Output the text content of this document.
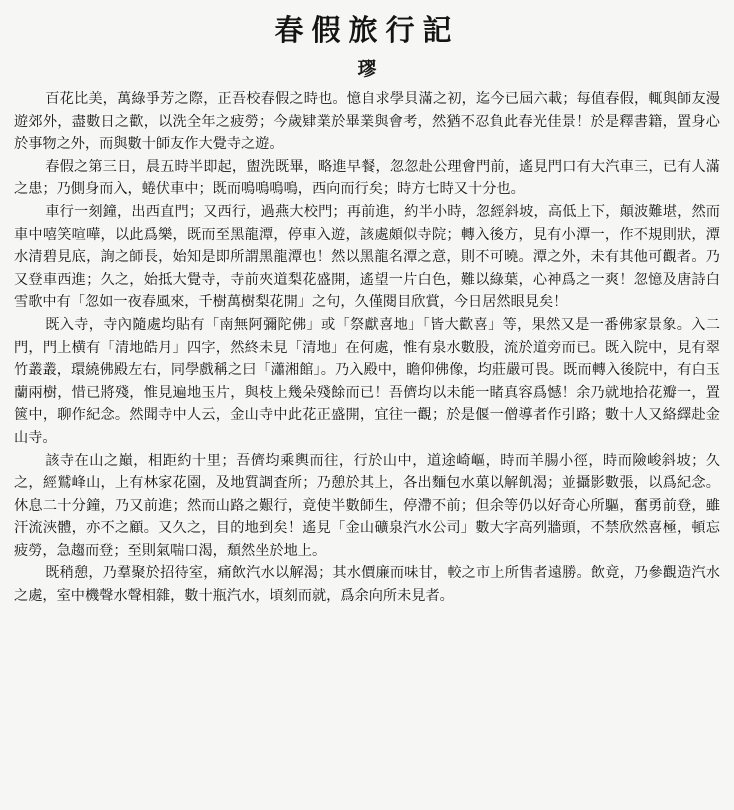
春假旅行記
璆

百花比美，萬綠爭芳之際，正吾校春假之時也。憶自求學貝滿之初，迄今已屆六載；每值春假，輒與師友漫遊郊外，盡數日之歡，以洗全年之疲勞；今歲肄業於畢業與會考，然猶不忍負此春光佳景！於是釋書籍，置身心於事物之外，而與數十師友作大覺寺之遊。

春假之第三日，晨五時半即起，盥洗既畢，略進早餐，忽忽赴公理會門前，遙見門口有大汽車三，已有人滿之患；乃側身而入，蜷伏車中；既而鳴鳴鳴鳴，西向而行矣；時方七時又十分也。

車行一刻鐘，出西直門；又西行，過燕大校門；再前進，約半小時，忽經斜坡，高低上下，顛波難堪，然而車中嘻笑喧嘩，以此爲樂，既而至黑龍潭，停車入遊，該處頗似寺院；轉入後方，見有小潭一，作不規則狀，潭水清碧見底，詢之師長，始知是即所謂黑龍潭也！然以黑龍名潭之意，則不可曉。潭之外，未有其他可觀者。乃又登車西進；久之，始抵大覺寺，寺前夾道梨花盛開，遙望一片白色，難以綠葉，心神爲之一爽！忽憶及唐詩白雪歌中有「忽如一夜春風來，千樹萬樹梨花開」之句，久僅閱目欣賞，今日居然眼見矣！

既入寺，寺內隨處均貼有「南無阿彌陀佛」或「祭獻喜地」「皆大歡喜」等，果然又是一番佛家景象。入二門，門上横有「清地皓月」四字，然終未見「清地」在何處，惟有泉水數股，流於道旁而已。既入院中，見有翠竹叢叢，環繞佛殿左右，同學戲稱之曰「瀟湘館」。乃入殿中，瞻仰佛像，均莊嚴可畏。既而轉入後院中，有白玉蘭兩樹，惜已將殘，惟見遍地玉片，與枝上幾朵殘餘而已！吾儕均以未能一睹真容爲憾！余乃就地拾花瓣一，置篋中，聊作紀念。然聞寺中人云，金山寺中此花正盛開，宜往一觀；於是偃一僧導者作引路；數十人又絡繹赴金山寺。

該寺在山之巔，相距約十里；吾儕均乘輿而往，行於山中，道途崎嶇，時而羊腸小徑，時而險峻斜坡；久之，經鷲峰山，上有林家花園，及地質調査所；乃憩於其上，各出麵包水菓以解飢渴；並攝影數張，以爲紀念。休息二十分鐘，乃又前進；然而山路之艱行，竟使半數師生，停滯不前；但余等仍以好奇心所驅，奮勇前登，雖汗流浹體，亦不之顧。又久之，目的地到矣！遙見「金山礦泉汽水公司」數大字高列牆頭，不禁欣然喜極，頓忘疲勞，急趨而登；至則氣喘口渴，頹然坐於地上。

既稍憩，乃羣聚於招待室，痛飲汽水以解渴；其水價廉而味甘，較之市上所售者遠勝。飲竟，乃參觀造汽水之處，室中機聲水聲相雜，數十瓶汽水，頃刻而就，爲余向所未見者。
